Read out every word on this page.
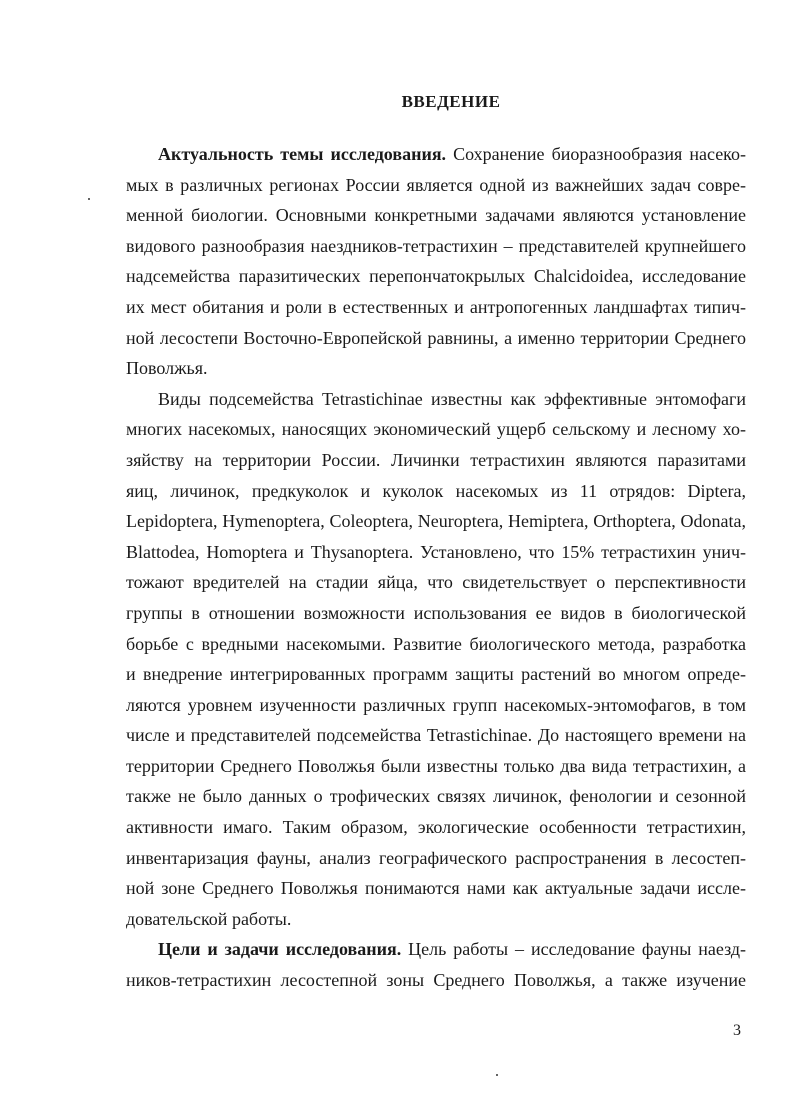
ВВЕДЕНИЕ
Актуальность темы исследования. Сохранение биоразнообразия насеко-
мых в различных регионах России является одной из важнейших задач совре-
менной биологии. Основными конкретными задачами являются установление
видового разнообразия наездников-тетрастихин – представителей крупнейшего
надсемейства паразитических перепончатокрылых Chalcidoidea, исследование
их мест обитания и роли в естественных и антропогенных ландшафтах типич-
ной лесостепи Восточно-Европейской равнины, а именно территории Среднего
Поволжья.
Виды подсемейства Tetrastichinae известны как эффективные энтомофаги
многих насекомых, наносящих экономический ущерб сельскому и лесному хо-
зяйству на территории России. Личинки тетрастихин являются паразитами
яиц, личинок, предкуколок и куколок насекомых из 11 отрядов: Diptera,
Lepidoptera, Hymenoptera, Coleoptera, Neuroptera, Hemiptera, Orthoptera, Odonata,
Blattodea, Homoptera и Thysanoptera. Установлено, что 15% тетрастихин унич-
тожают вредителей на стадии яйца, что свидетельствует о перспективности
группы в отношении возможности использования ее видов в биологической
борьбе с вредными насекомыми. Развитие биологического метода, разработка
и внедрение интегрированных программ защиты растений во многом опреде-
ляются уровнем изученности различных групп насекомых-энтомофагов, в том
числе и представителей подсемейства Tetrastichinae. До настоящего времени на
территории Среднего Поволжья были известны только два вида тетрастихин, а
также не было данных о трофических связях личинок, фенологии и сезонной
активности имаго. Таким образом, экологические особенности тетрастихин,
инвентаризация фауны, анализ географического распространения в лесостеп-
ной зоне Среднего Поволжья понимаются нами как актуальные задачи иссле-
довательской работы.
Цели и задачи исследования. Цель работы – исследование фауны наезд-
ников-тетрастихин лесостепной зоны Среднего Поволжья, а также изучение
3
